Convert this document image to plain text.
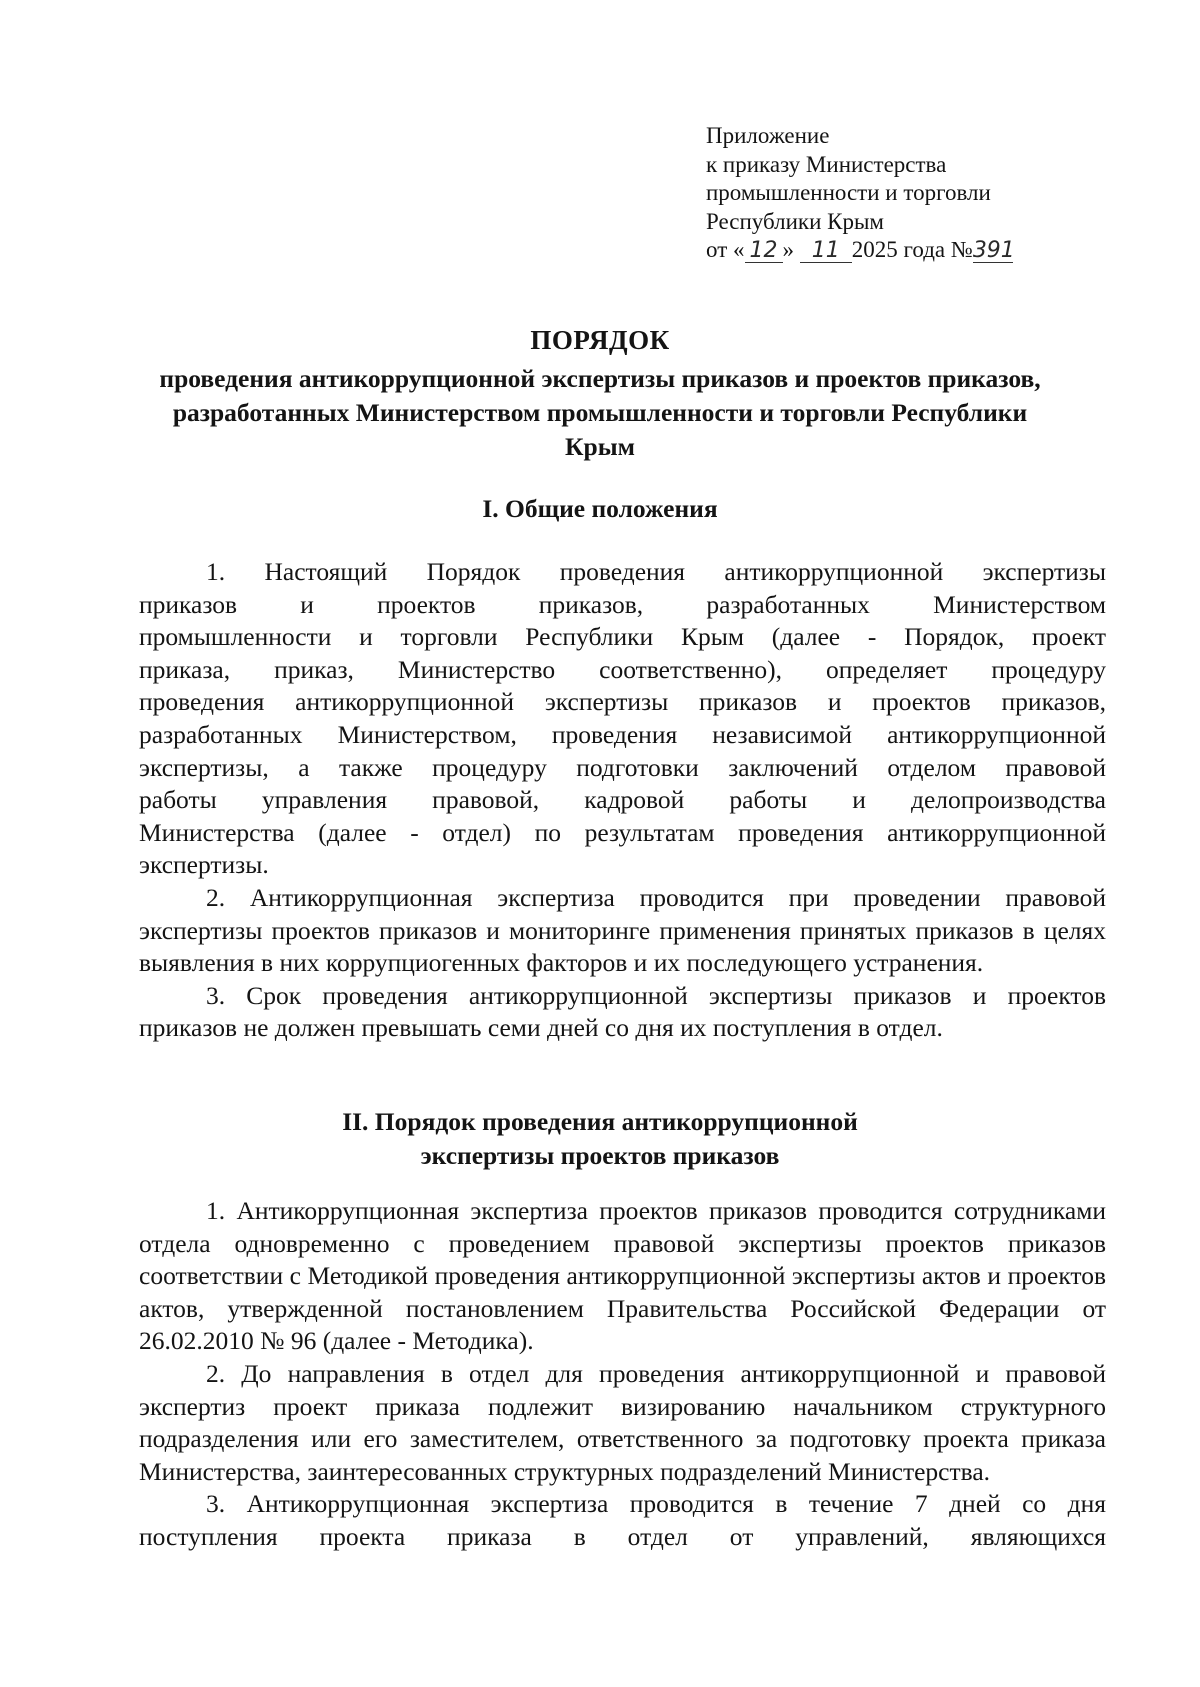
Приложение
к приказу Министерства
промышленности и торговли
Республики Крым
от « 12 » 11 2025 года №391
ПОРЯДОК
проведения антикоррупционной экспертизы приказов и проектов приказов, разработанных Министерством промышленности и торговли Республики Крым
I. Общие положения

1. Настоящий Порядок проведения антикоррупционной экспертизы
приказов и проектов приказов, разработанных Министерством
промышленности и торговли Республики Крым (далее - Порядок, проект
приказа, приказ, Министерство соответственно), определяет процедуру
проведения антикоррупционной экспертизы приказов и проектов приказов,
разработанных Министерством, проведения независимой антикоррупционной
экспертизы, а также процедуру подготовки заключений отделом правовой
работы управления правовой, кадровой работы и делопроизводства
Министерства (далее - отдел) по результатам проведения антикоррупционной
экспертизы.

2. Антикоррупционная экспертиза проводится при проведении правовой экспертизы проектов приказов и мониторинге применения принятых приказов в целях выявления в них коррупциогенных факторов и их последующего устранения.

3. Срок проведения антикоррупционной экспертизы приказов и проектов приказов не должен превышать семи дней со дня их поступления в отдел.

II. Порядок проведения антикоррупционной
экспертизы проектов приказов

1. Антикоррупционная экспертиза проектов приказов проводится сотрудниками отдела одновременно с проведением правовой экспертизы проектов приказов соответствии с Методикой проведения антикоррупционной экспертизы актов и проектов актов, утвержденной постановлением Правительства Российской Федерации от 26.02.2010 № 96 (далее - Методика).

2. До направления в отдел для проведения антикоррупционной и правовой экспертиз проект приказа подлежит визированию начальником структурного подразделения или его заместителем, ответственного за подготовку проекта приказа Министерства, заинтересованных структурных подразделений Министерства.

3. Антикоррупционная экспертиза проводится в течение 7 дней со дня поступления проекта приказа в отдел от управлений, являющихся
